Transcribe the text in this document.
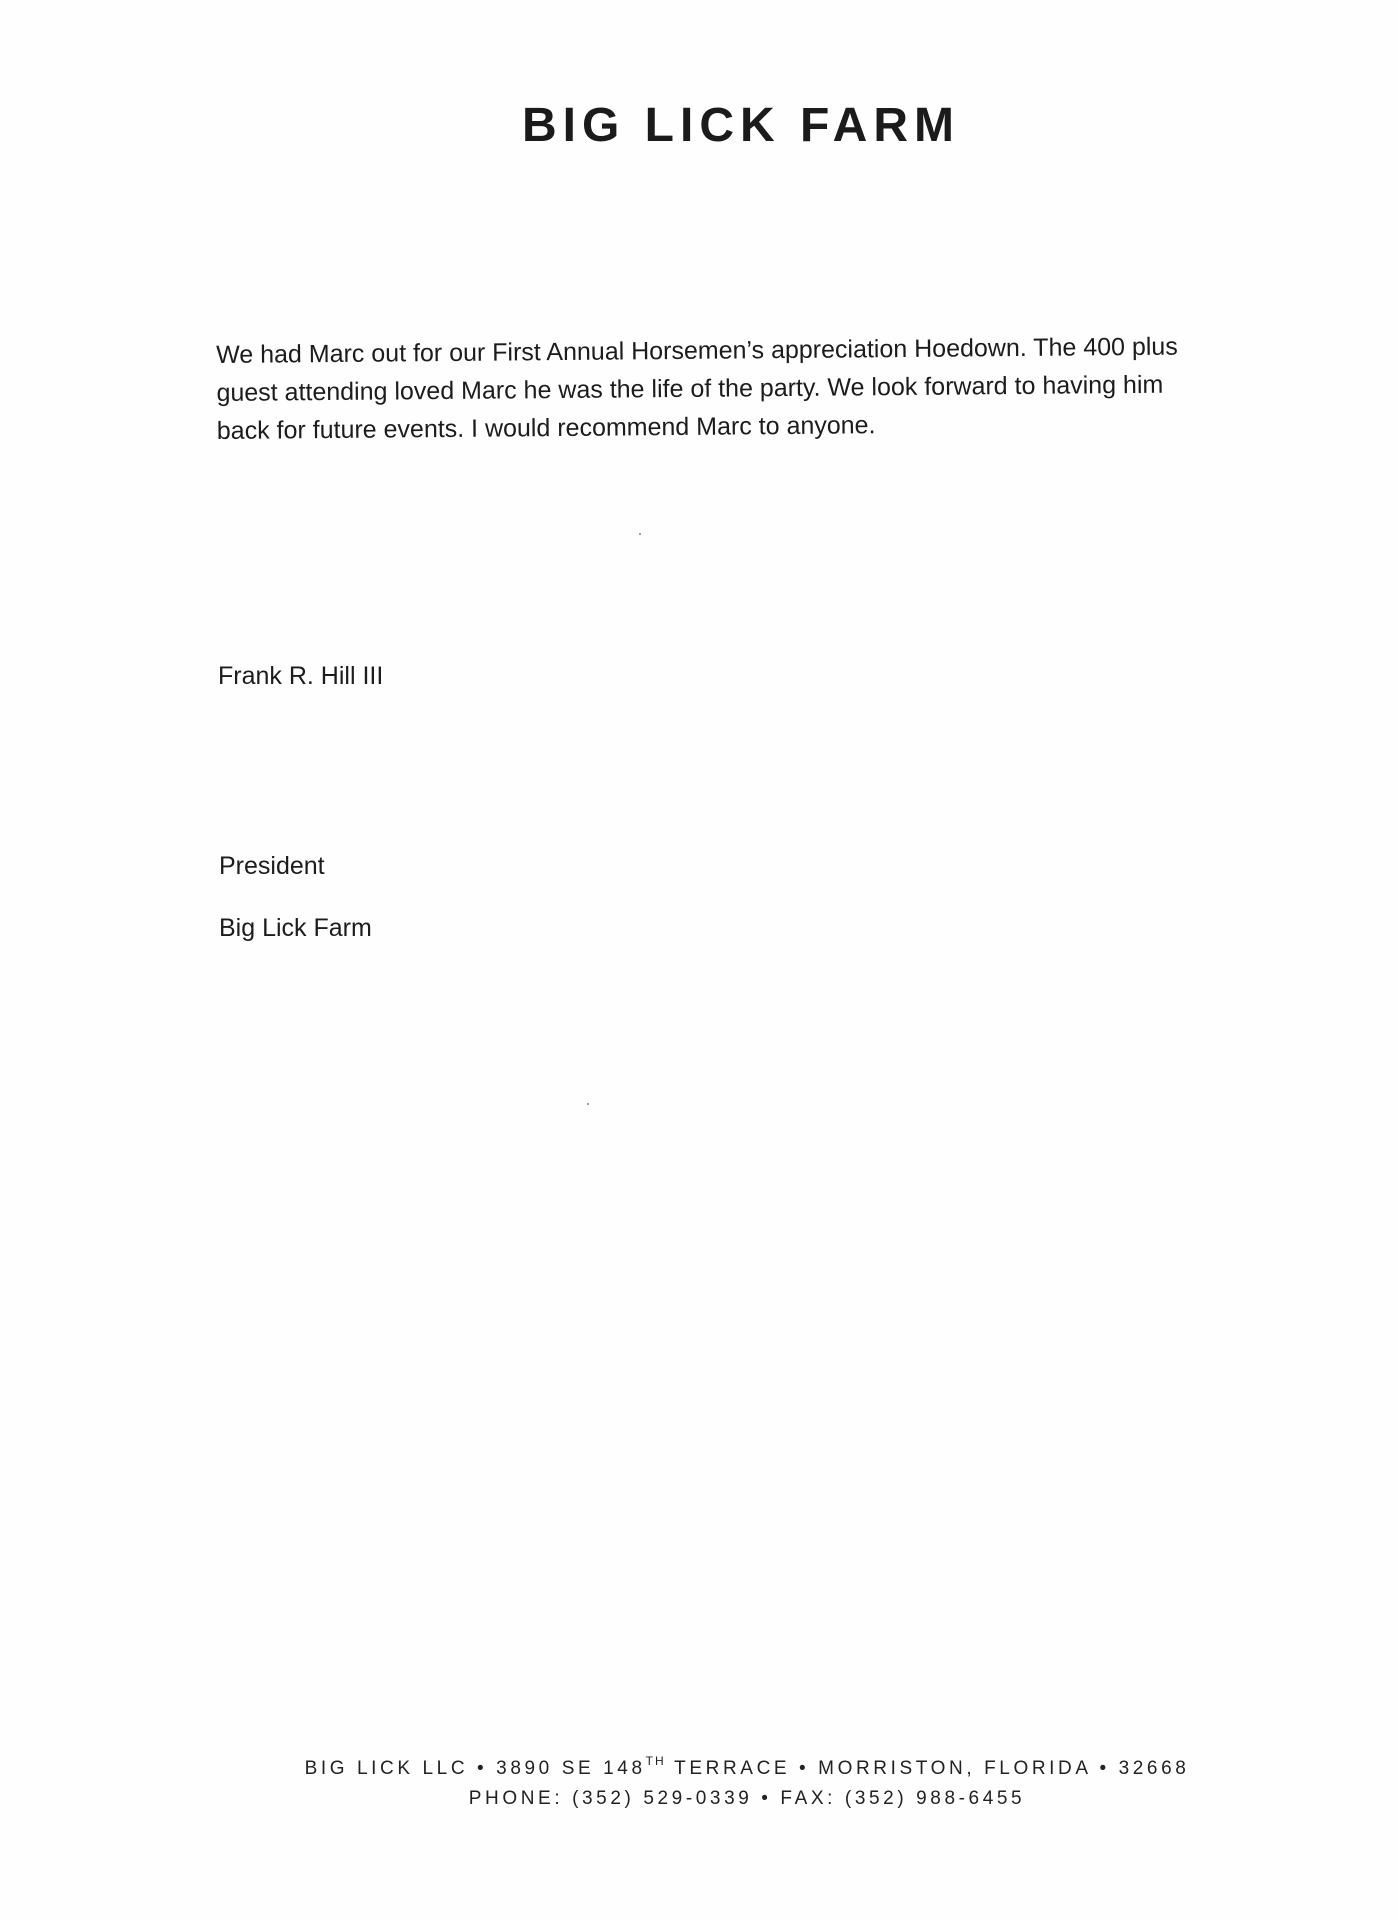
BIG LICK FARM
We had Marc out for our First Annual Horsemen’s appreciation Hoedown. The 400 plus
guest attending loved Marc he was the life of the party. We look forward to having him
back for future events. I would recommend Marc to anyone.
Frank R. Hill III
President
Big Lick Farm
BIG LICK LLC • 3890 SE 148TH TERRACE • MORRISTON, FLORIDA • 32668
PHONE: (352) 529-0339 • FAX: (352) 988-6455
